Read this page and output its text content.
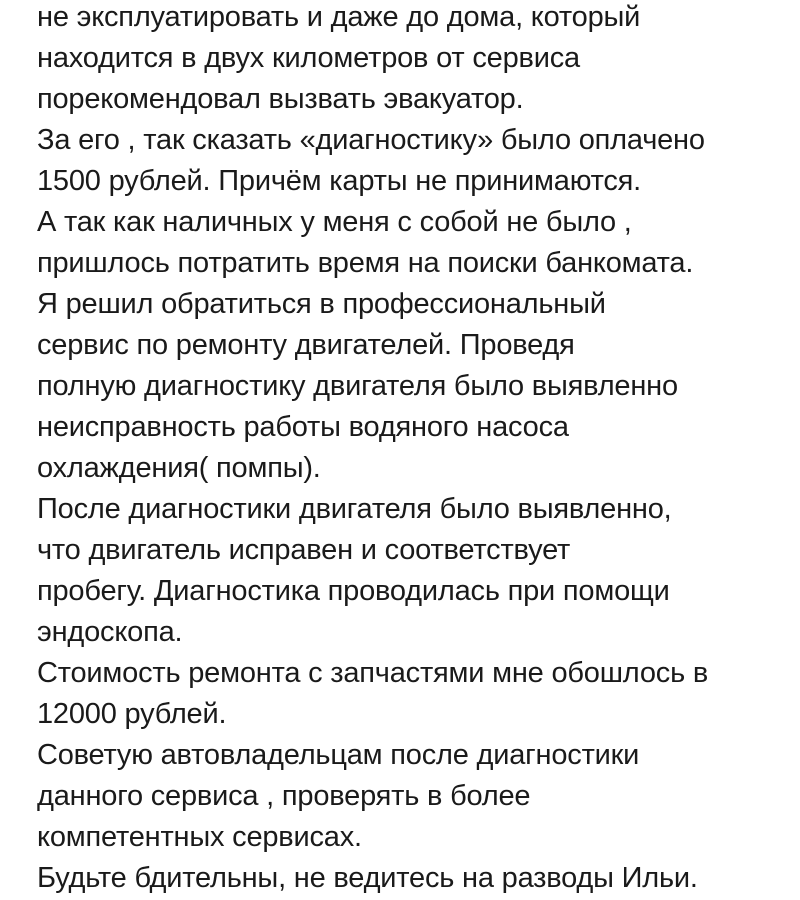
не эксплуатировать и даже до дома, который
находится в двух километров от сервиса
порекомендовал вызвать эвакуатор.
За его , так сказать «диагностику» было оплачено
1500 рублей. Причём карты не принимаются.
А так как наличных у меня с собой не было ,
пришлось потратить время на поиски банкомата.
Я решил обратиться в профессиональный
сервис по ремонту двигателей. Проведя
полную диагностику двигателя было выявленно
неисправность работы водяного насоса
охлаждения( помпы).
После диагностики двигателя было выявленно,
что двигатель исправен и соответствует
пробегу. Диагностика проводилась при помощи
эндоскопа.
Стоимость ремонта с запчастями мне обошлось в
12000 рублей.
Советую автовладельцам после диагностики
данного сервиса , проверять в более
компетентных сервисах.
Будьте бдительны, не ведитесь на разводы Ильи.
